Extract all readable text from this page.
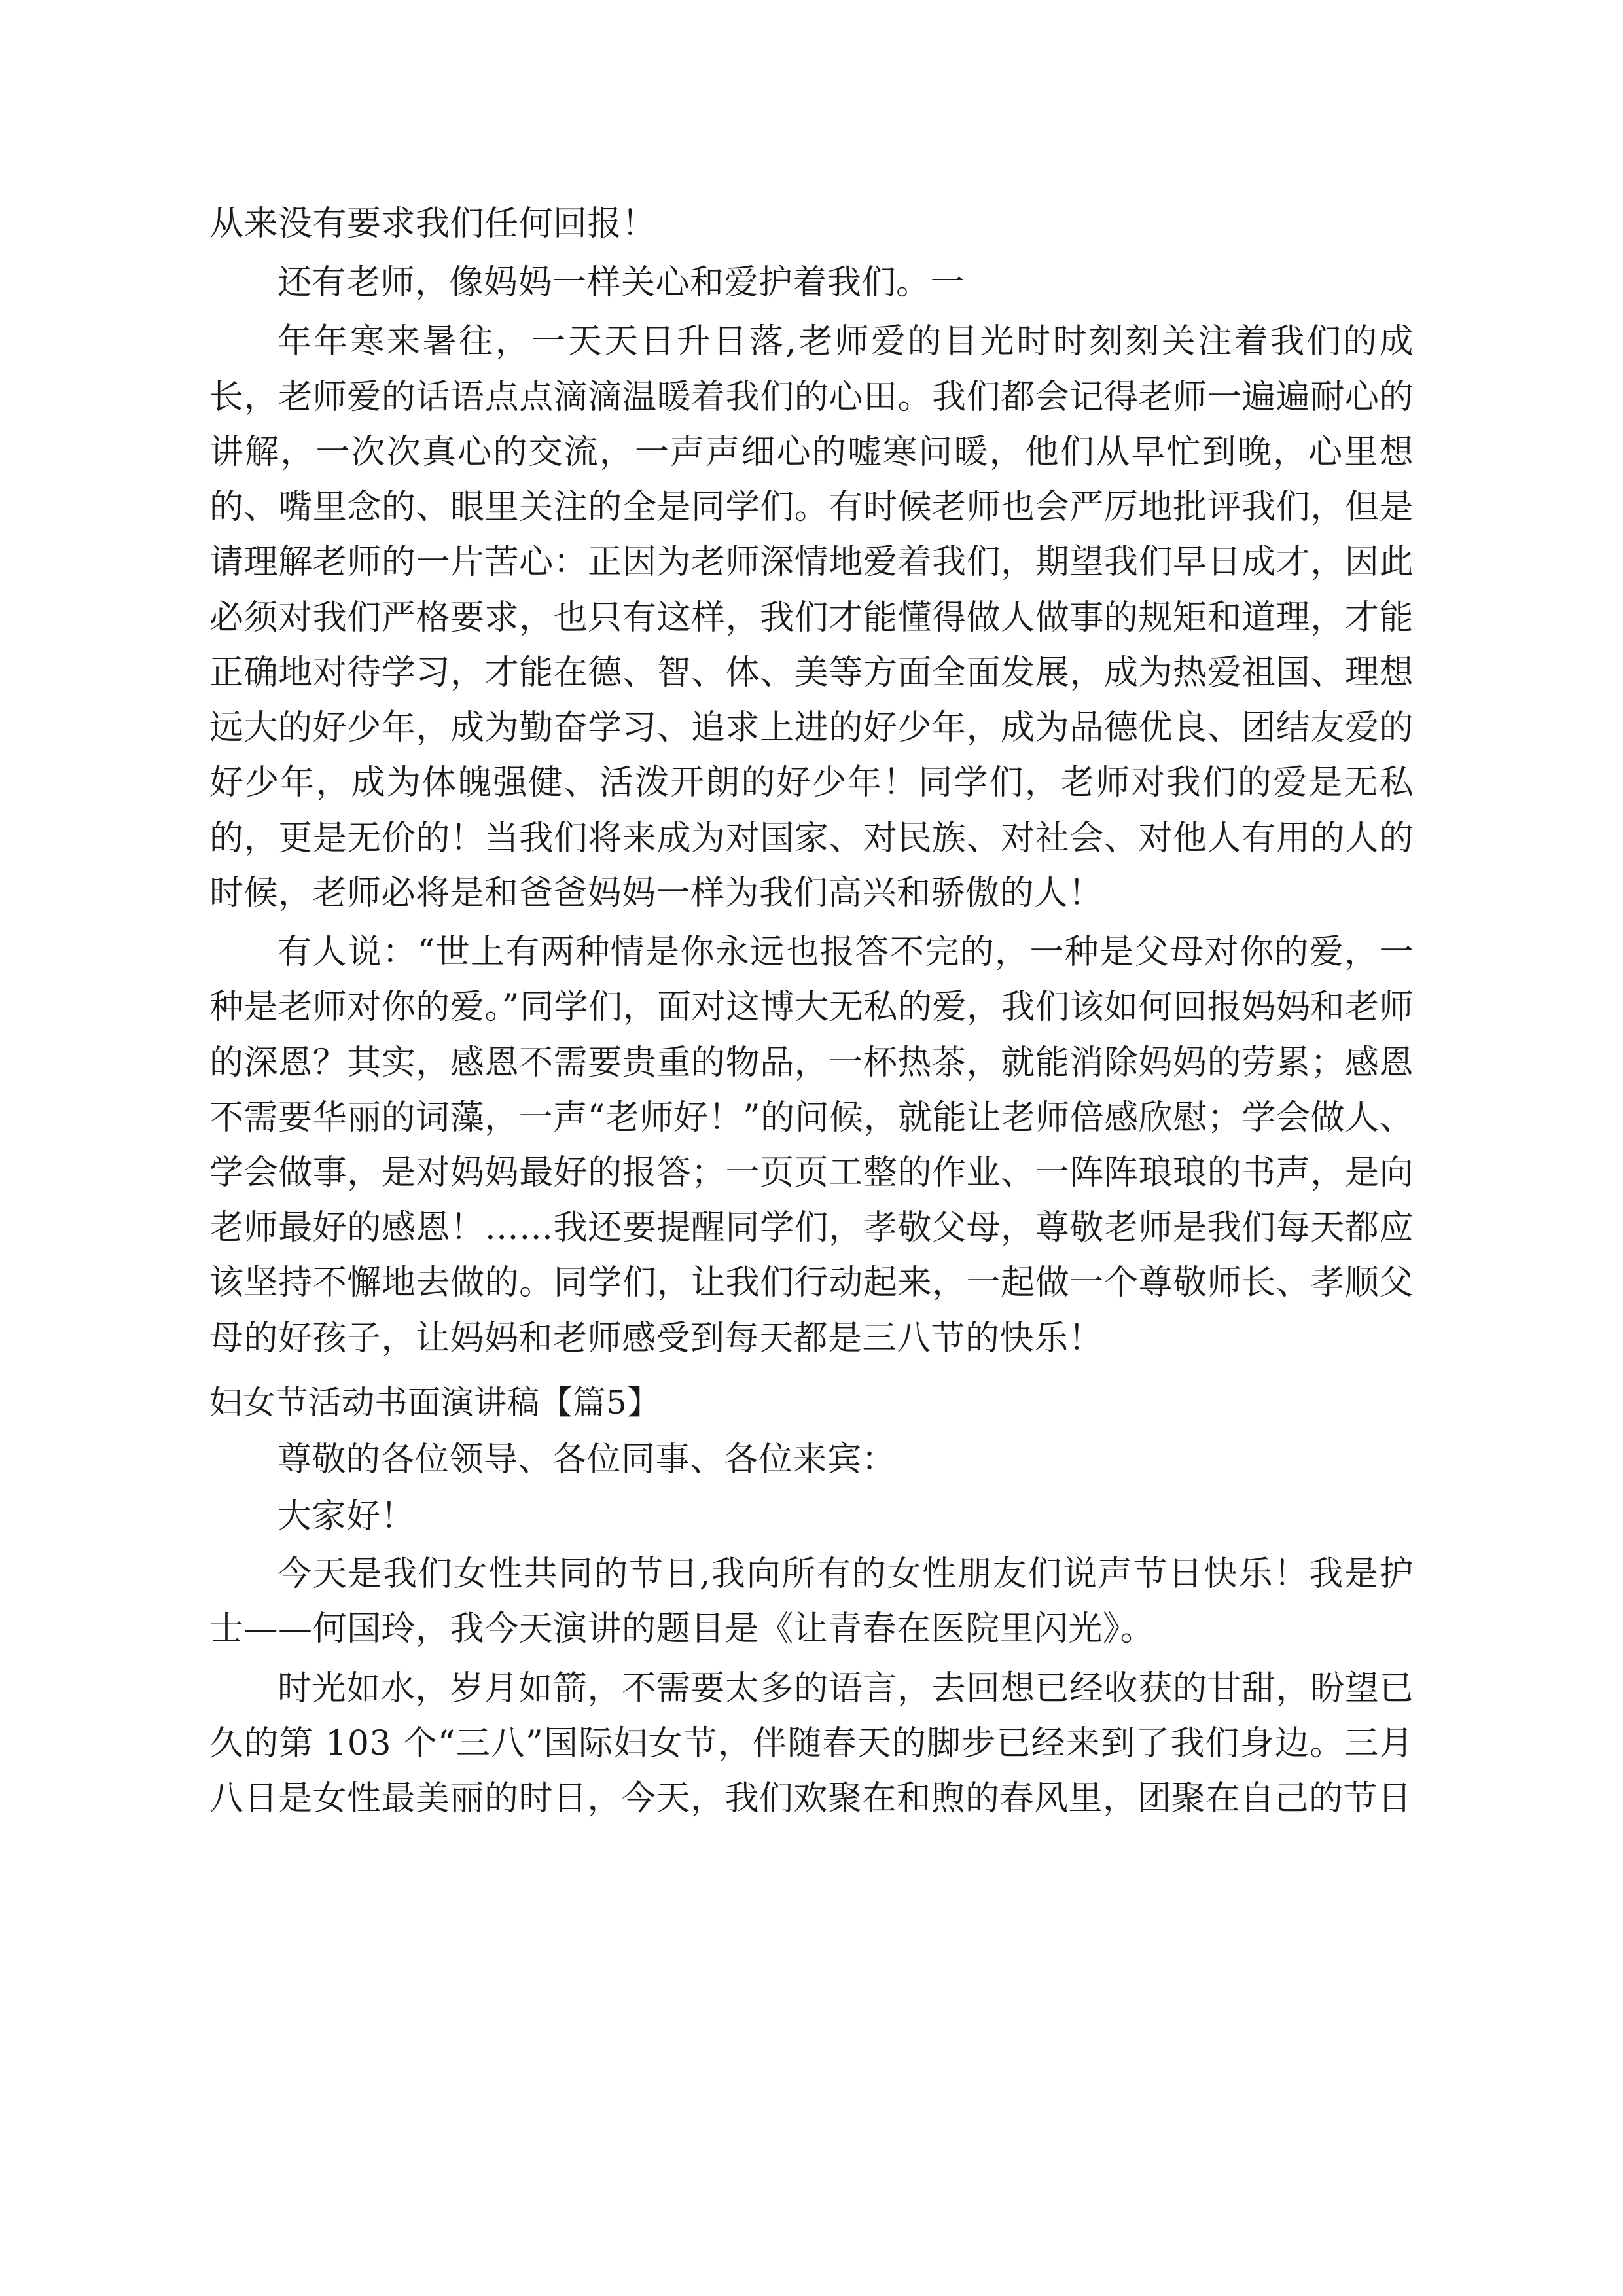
从来没有要求我们任何回报！

还有老师，像妈妈一样关心和爱护着我们。一

年年寒来暑往，一天天日升日落,老师爱的目光时时刻刻关注着我们的成长，老师爱的话语点点滴滴温暖着我们的心田。我们都会记得老师一遍遍耐心的讲解，一次次真心的交流，一声声细心的嘘寒问暖，他们从早忙到晚，心里想的、嘴里念的、眼里关注的全是同学们。有时候老师也会严厉地批评我们，但是请理解老师的一片苦心：正因为老师深情地爱着我们，期望我们早日成才，因此必须对我们严格要求，也只有这样，我们才能懂得做人做事的规矩和道理，才能正确地对待学习，才能在德、智、体、美等方面全面发展，成为热爱祖国、理想远大的好少年，成为勤奋学习、追求上进的好少年，成为品德优良、团结友爱的好少年，成为体魄强健、活泼开朗的好少年！同学们，老师对我们的爱是无私的，更是无价的！当我们将来成为对国家、对民族、对社会、对他人有用的人的时候，老师必将是和爸爸妈妈一样为我们高兴和骄傲的人！

有人说：“世上有两种情是你永远也报答不完的，一种是父母对你的爱，一种是老师对你的爱。”同学们，面对这博大无私的爱，我们该如何回报妈妈和老师的深恩？其实，感恩不需要贵重的物品，一杯热茶，就能消除妈妈的劳累；感恩不需要华丽的词藻，一声“老师好！”的问候，就能让老师倍感欣慰；学会做人、学会做事，是对妈妈最好的报答；一页页工整的作业、一阵阵琅琅的书声，是向老师最好的感恩！……我还要提醒同学们，孝敬父母，尊敬老师是我们每天都应该坚持不懈地去做的。同学们，让我们行动起来，一起做一个尊敬师长、孝顺父母的好孩子，让妈妈和老师感受到每天都是三八节的快乐！

妇女节活动书面演讲稿【篇5】

尊敬的各位领导、各位同事、各位来宾：

大家好！

今天是我们女性共同的节日,我向所有的女性朋友们说声节日快乐！我是护士——何国玲，我今天演讲的题目是《让青春在医院里闪光》。

时光如水，岁月如箭，不需要太多的语言，去回想已经收获的甘甜，盼望已久的第 103 个“三八”国际妇女节，伴随春天的脚步已经来到了我们身边。三月八日是女性最美丽的时日，今天，我们欢聚在和煦的春风里，团聚在自己的节日
